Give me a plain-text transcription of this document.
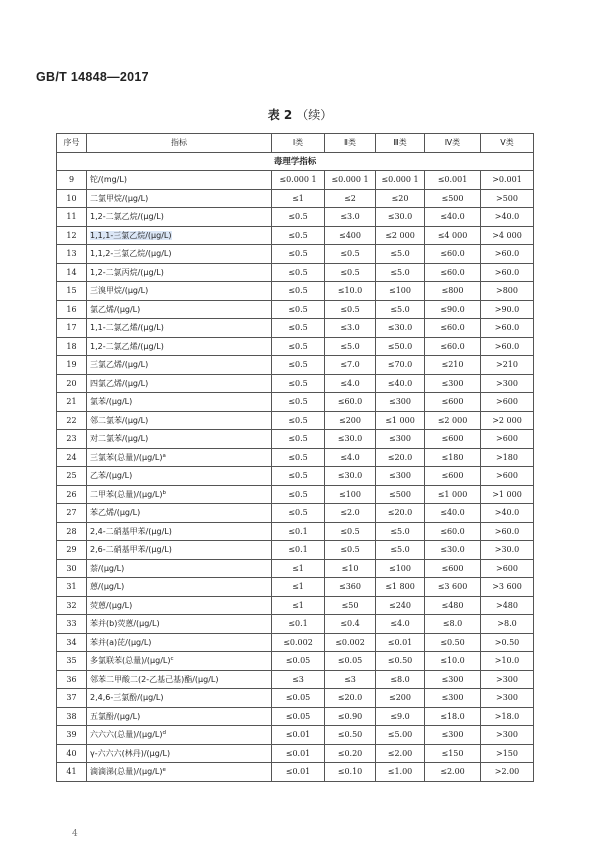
GB/T 14848—2017
表 2 （续）
序号	指标	Ⅰ类	Ⅱ类	Ⅲ类	Ⅳ类	Ⅴ类
毒理学指标						
9	铊/(mg/L)	≤0.000 1	≤0.000 1	≤0.000 1	≤0.001	>0.001
10	二氯甲烷/(μg/L)	≤1	≤2	≤20	≤500	>500
11	1,2-二氯乙烷/(μg/L)	≤0.5	≤3.0	≤30.0	≤40.0	>40.0
12	1,1,1-三氯乙烷/(μg/L)	≤0.5	≤400	≤2 000	≤4 000	>4 000
13	1,1,2-三氯乙烷/(μg/L)	≤0.5	≤0.5	≤5.0	≤60.0	>60.0
14	1,2-二氯丙烷/(μg/L)	≤0.5	≤0.5	≤5.0	≤60.0	>60.0
15	三溴甲烷/(μg/L)	≤0.5	≤10.0	≤100	≤800	>800
16	氯乙烯/(μg/L)	≤0.5	≤0.5	≤5.0	≤90.0	>90.0
17	1,1-二氯乙烯/(μg/L)	≤0.5	≤3.0	≤30.0	≤60.0	>60.0
18	1,2-二氯乙烯/(μg/L)	≤0.5	≤5.0	≤50.0	≤60.0	>60.0
19	三氯乙烯/(μg/L)	≤0.5	≤7.0	≤70.0	≤210	>210
20	四氯乙烯/(μg/L)	≤0.5	≤4.0	≤40.0	≤300	>300
21	氯苯/(μg/L)	≤0.5	≤60.0	≤300	≤600	>600
22	邻二氯苯/(μg/L)	≤0.5	≤200	≤1 000	≤2 000	>2 000
23	对二氯苯/(μg/L)	≤0.5	≤30.0	≤300	≤600	>600
24	三氯苯(总量)$/(\mu g/L)^a$	≤0.5	≤4.0	≤20.0	≤180	>180
25	乙苯/(μg/L)	≤0.5	≤30.0	≤300	≤600	>600
26	二甲苯(总量)$/(\mu g/L)^b$	≤0.5	≤100	≤500	≤1 000	>1 000
27	苯乙烯/(μg/L)	≤0.5	≤2.0	≤20.0	≤40.0	>40.0
28	2,4-二硝基甲苯/(μg/L)	≤0.1	≤0.5	≤5.0	≤60.0	>60.0
29	2,6-二硝基甲苯/(μg/L)	≤0.1	≤0.5	≤5.0	≤30.0	>30.0
30	萘/(μg/L)	≤1	≤10	≤100	≤600	>600
31	蒽/(μg/L)	≤1	≤360	≤1 800	≤3 600	>3 600
32	荧蒽/(μg/L)	≤1	≤50	≤240	≤480	>480
33	苯并(b)荧蒽/(μg/L)	≤0.1	≤0.4	≤4.0	≤8.0	>8.0
34	苯并(a)芘/(μg/L)	≤0.002	≤0.002	≤0.01	≤0.50	>0.50
35	多氯联苯(总量)$/(\mu g/L)^c$	≤0.05	≤0.05	≤0.50	≤10.0	>10.0
36	邻苯二甲酸二(2-乙基己基)酯/(μg/L)	≤3	≤3	≤8.0	≤300	>300
37	2,4,6-三氯酚/(μg/L)	≤0.05	≤20.0	≤200	≤300	>300
38	五氯酚/(μg/L)	≤0.05	≤0.90	≤9.0	≤18.0	>18.0
39	六六六(总量)$/(\mu g/L)^d$	≤0.01	≤0.50	≤5.00	≤300	>300
40	γ-六六六(林丹)/(μg/L)	≤0.01	≤0.20	≤2.00	≤150	>150
41	滴滴涕(总量)$/(\mu g/L)^e$	≤0.01	≤0.10	≤1.00	≤2.00	>2.00
4
